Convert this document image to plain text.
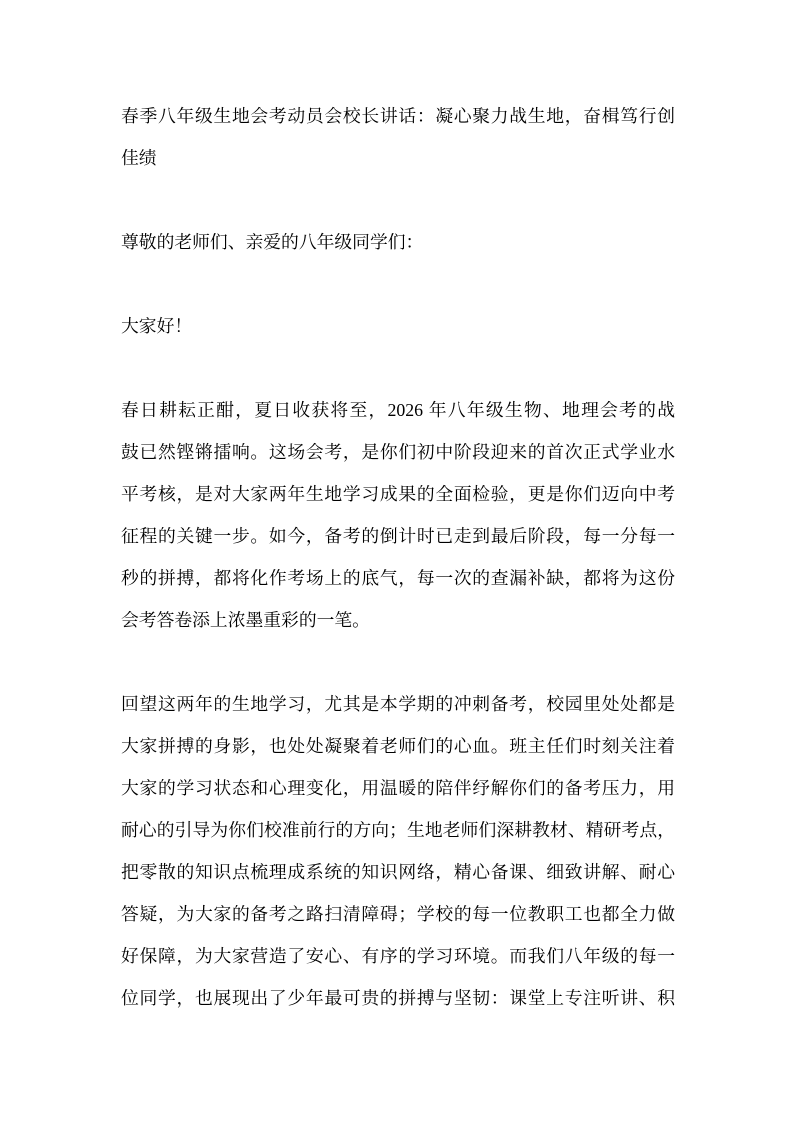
春季八年级生地会考动员会校长讲话：凝心聚力战生地，奋楫笃行创
佳绩

尊敬的老师们、亲爱的八年级同学们：

大家好！

春日耕耘正酣，夏日收获将至，2026 年八年级生物、地理会考的战
鼓已然铿锵擂响。这场会考，是你们初中阶段迎来的首次正式学业水
平考核，是对大家两年生地学习成果的全面检验，更是你们迈向中考
征程的关键一步。如今，备考的倒计时已走到最后阶段，每一分每一
秒的拼搏，都将化作考场上的底气，每一次的查漏补缺，都将为这份
会考答卷添上浓墨重彩的一笔。

回望这两年的生地学习，尤其是本学期的冲刺备考，校园里处处都是
大家拼搏的身影，也处处凝聚着老师们的心血。班主任们时刻关注着
大家的学习状态和心理变化，用温暖的陪伴纾解你们的备考压力，用
耐心的引导为你们校准前行的方向；生地老师们深耕教材、精研考点，
把零散的知识点梳理成系统的知识网络，精心备课、细致讲解、耐心
答疑，为大家的备考之路扫清障碍；学校的每一位教职工也都全力做
好保障，为大家营造了安心、有序的学习环境。而我们八年级的每一
位同学，也展现出了少年最可贵的拼搏与坚韧：课堂上专注听讲、积
